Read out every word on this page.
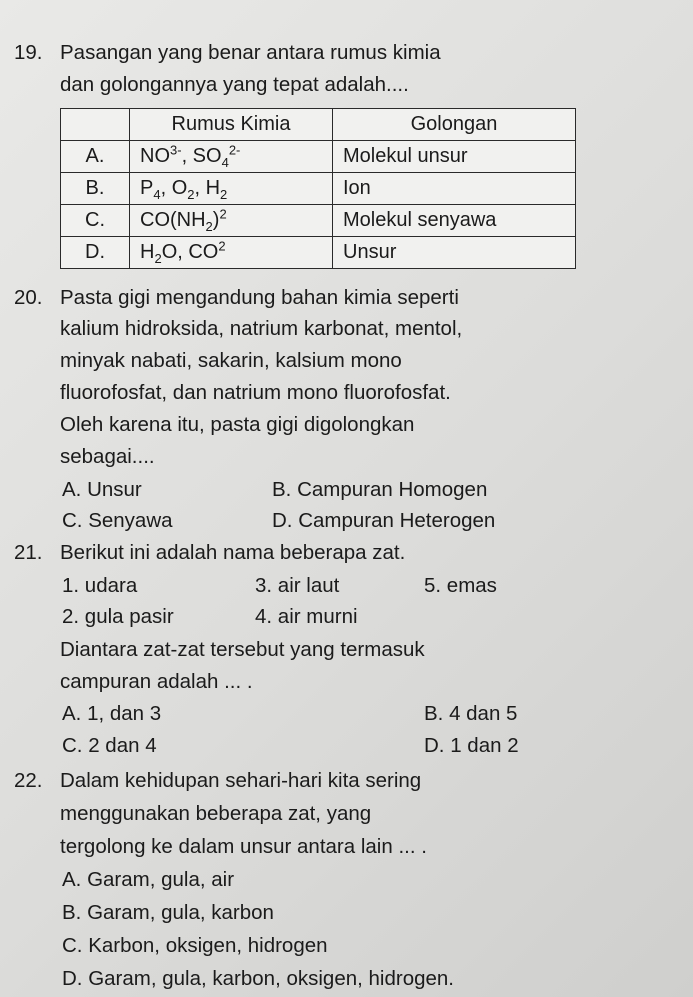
19. Pasangan yang benar antara rumus kimia
dan golongannya yang tepat adalah....
	Rumus Kimia	Golongan
A.	$NO^{3-}$, $SO_4^{2-}$	Molekul unsur
B.	$P_4$, $O_2$, $H_2$	Ion
C.	$CO(NH_2)^2$	Molekul senyawa
D.	$H_2O$, $CO^2$	Unsur
20. Pasta gigi mengandung bahan kimia seperti
kalium hidroksida, natrium karbonat, mentol,
minyak nabati, sakarin, kalsium mono
fluorofosfat, dan natrium mono fluorofosfat.
Oleh karena itu, pasta gigi digolongkan
sebagai....
A. Unsur	B. Campuran Homogen
C. Senyawa	D. Campuran Heterogen
21. Berikut ini adalah nama beberapa zat.
1. udara	3. air laut	5. emas
2. gula pasir	4. air murni
Diantara zat-zat tersebut yang termasuk
campuran adalah ... .
A. 1, dan 3	B. 4 dan 5
C. 2 dan 4	D. 1 dan 2
22. Dalam kehidupan sehari-hari kita sering
menggunakan beberapa zat, yang
tergolong ke dalam unsur antara lain ... .
A. Garam, gula, air
B. Garam, gula, karbon
C. Karbon, oksigen, hidrogen
D. Garam, gula, karbon, oksigen, hidrogen.
